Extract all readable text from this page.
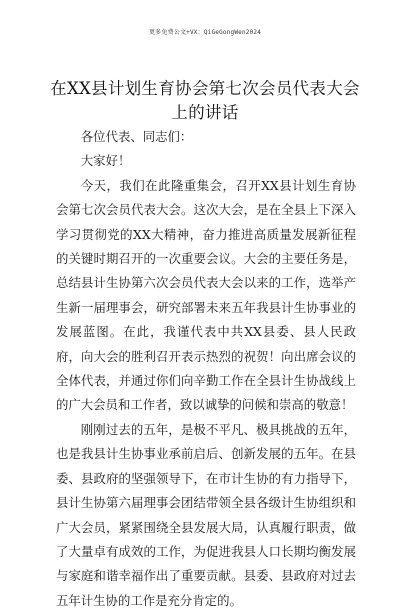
更多免费公文+VX：QiGeGongWen2024
在XX县计划生育协会第七次会员代表大会上的讲话

各位代表、同志们：

大家好！

今天，我们在此隆重集会，召开XX县计划生育协会第七次会员代表大会。这次大会，是在全县上下深入学习贯彻党的XX大精神，奋力推进高质量发展新征程的关键时期召开的一次重要会议。大会的主要任务是，总结县计生协第六次会员代表大会以来的工作，选举产生新一届理事会，研究部署未来五年我县计生协事业的发展蓝图。在此，我谨代表中共XX县委、县人民政府，向大会的胜利召开表示热烈的祝贺！向出席会议的全体代表，并通过你们向辛勤工作在全县计生协战线上的广大会员和工作者，致以诚挚的问候和崇高的敬意！

刚刚过去的五年，是极不平凡、极具挑战的五年，也是我县计生协事业承前启后、创新发展的五年。在县委、县政府的坚强领导下，在市计生协的有力指导下，县计生协第六届理事会团结带领全县各级计生协组织和广大会员，紧紧围绕全县发展大局，认真履行职责，做了大量卓有成效的工作，为促进我县人口长期均衡发展与家庭和谐幸福作出了重要贡献。县委、县政府对过去五年计生协的工作是充分肯定的。
